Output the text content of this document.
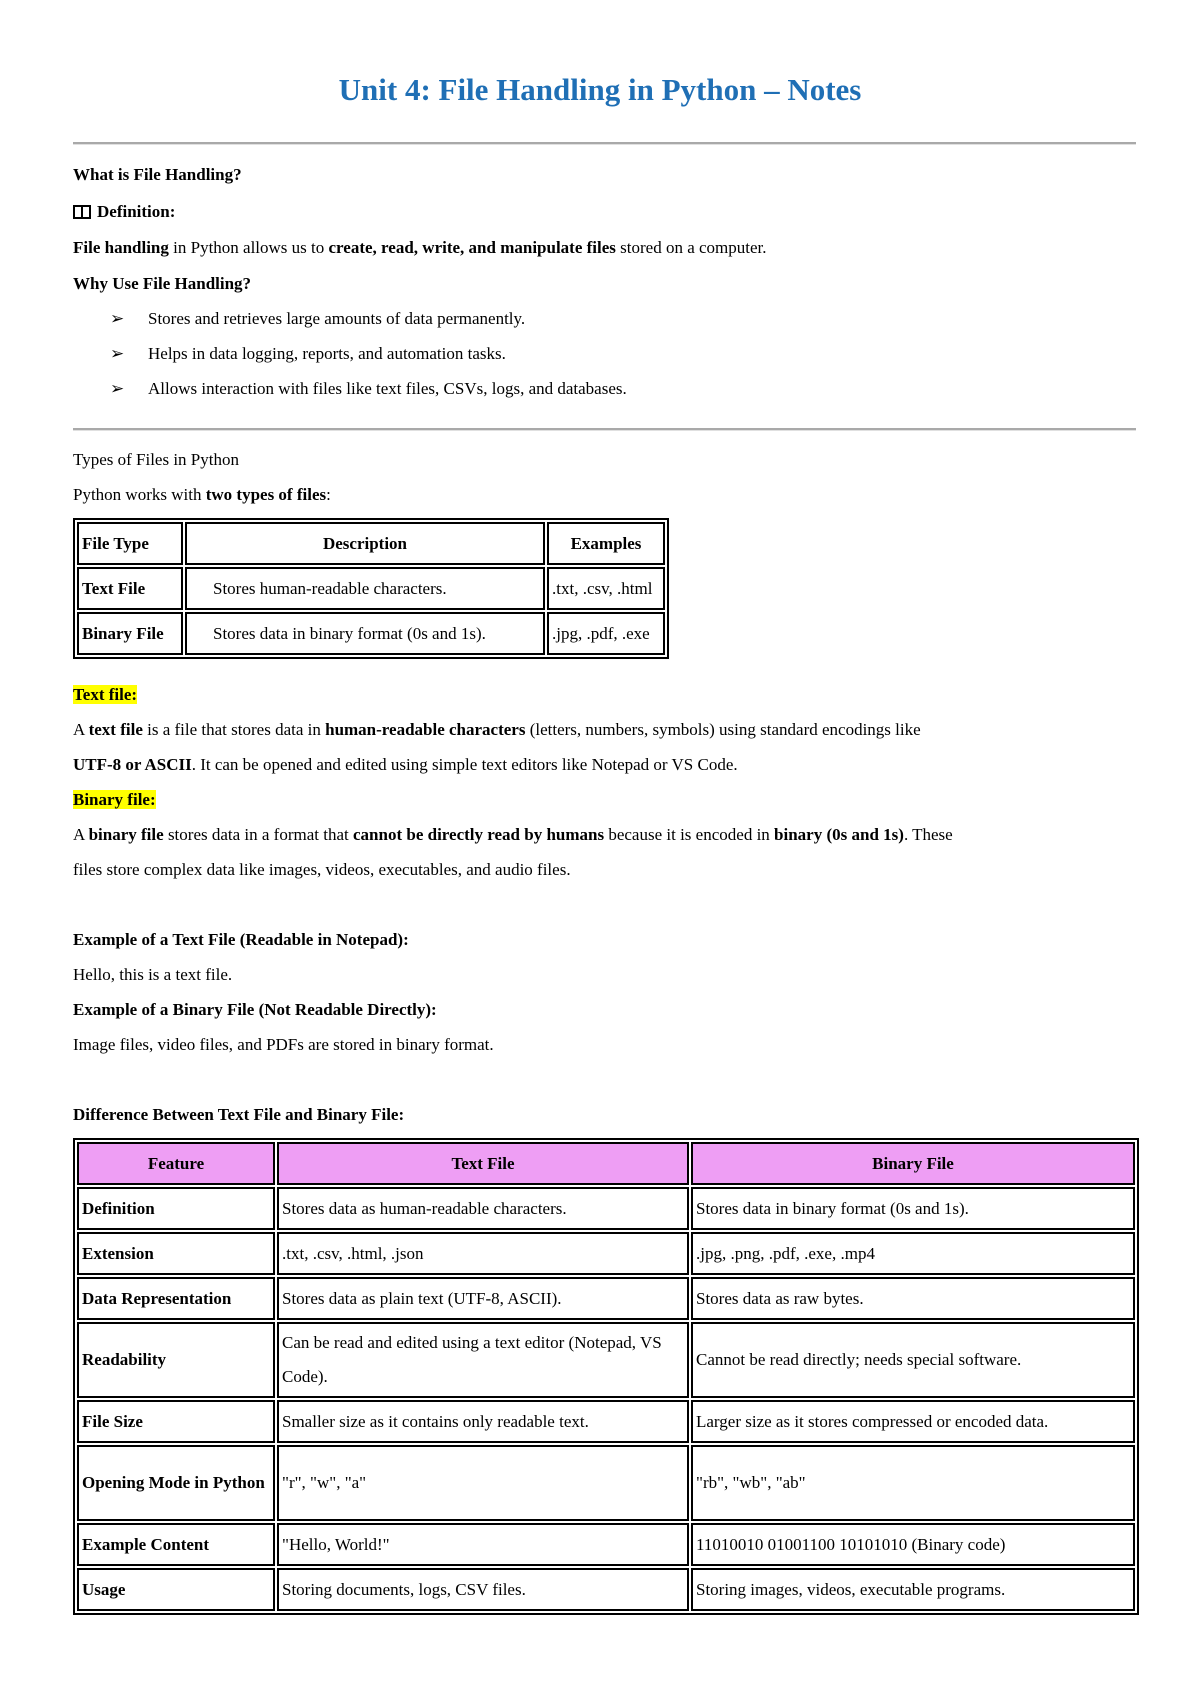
Unit 4: File Handling in Python – Notes
What is File Handling?
Definition:
File handling in Python allows us to create, read, write, and manipulate files stored on a computer.
Why Use File Handling?
➢ Stores and retrieves large amounts of data permanently.
➢ Helps in data logging, reports, and automation tasks.
➢ Allows interaction with files like text files, CSVs, logs, and databases.
Types of Files in Python
Python works with two types of files:
File Type	Description	Examples
Text File	Stores human-readable characters.	.txt, .csv, .html
Binary File	Stores data in binary format (0s and 1s).	.jpg, .pdf, .exe
Text file:
A text file is a file that stores data in human-readable characters (letters, numbers, symbols) using standard encodings like
UTF-8 or ASCII. It can be opened and edited using simple text editors like Notepad or VS Code.
Binary file:
A binary file stores data in a format that cannot be directly read by humans because it is encoded in binary (0s and 1s). These
files store complex data like images, videos, executables, and audio files.
Example of a Text File (Readable in Notepad):
Hello, this is a text file.
Example of a Binary File (Not Readable Directly):
Image files, video files, and PDFs are stored in binary format.
Difference Between Text File and Binary File:
Feature	Text File	Binary File
Definition	Stores data as human-readable characters.	Stores data in binary format (0s and 1s).
Extension	.txt, .csv, .html, .json	.jpg, .png, .pdf, .exe, .mp4
Data Representation	Stores data as plain text (UTF-8, ASCII).	Stores data as raw bytes.
Readability	Can be read and edited using a text editor (Notepad, VS Code).	Cannot be read directly; needs special software.
File Size	Smaller size as it contains only readable text.	Larger size as it stores compressed or encoded data.
Opening Mode in Python	"r", "w", "a"	"rb", "wb", "ab"
Example Content	"Hello, World!"	11010010 01001100 10101010 (Binary code)
Usage	Storing documents, logs, CSV files.	Storing images, videos, executable programs.
